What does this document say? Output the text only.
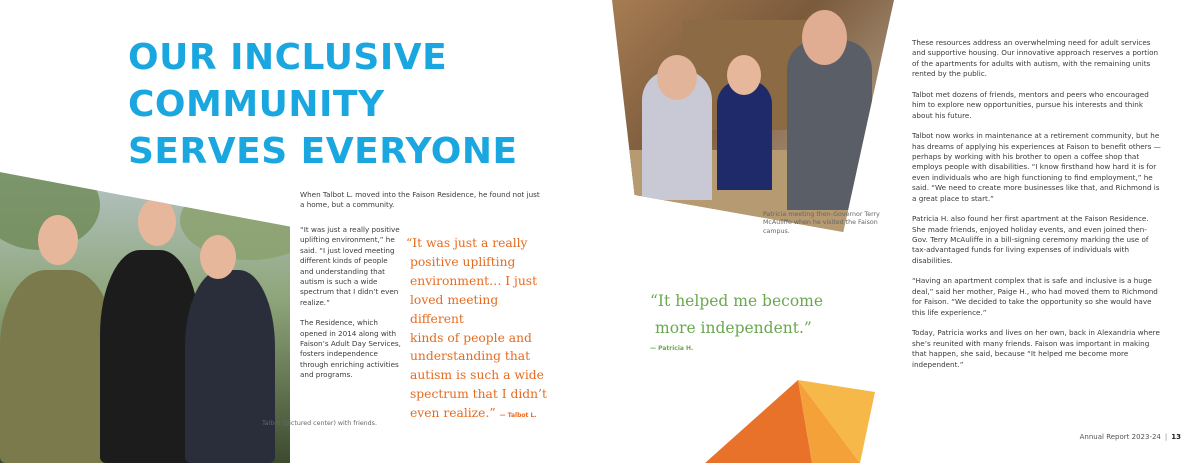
OUR INCLUSIVE
COMMUNITY
SERVES EVERYONE
Talbot (pictured center) with friends.
When Talbot L. moved into the Faison Residence, he found not just a home, but a community.

“It was just a really positive uplifting environment,” he said. “I just loved meeting different kinds of people and understanding that autism is such a wide spectrum that I didn’t even realize.”

The Residence, which opened in 2014 along with Faison’s Adult Day Services, fosters independence through enriching activities and programs.

“It was just a really
positive uplifting
environment… I just
loved meeting different
kinds of people and
understanding that
autism is such a wide
spectrum that I didn’t
even realize.” — Talbot L.
Patricia meeting then-Governor Terry McAuliffe when he visited the Faison campus.
“It helped me become
more independent.”
— Patricia H.

These resources address an overwhelming need for adult services and supportive housing. Our innovative approach reserves a portion of the apartments for adults with autism, with the remaining units rented by the public.

Talbot met dozens of friends, mentors and peers who encouraged him to explore new opportunities, pursue his interests and think about his future.

Talbot now works in maintenance at a retirement community, but he has dreams of applying his experiences at Faison to benefit others — perhaps by working with his brother to open a coffee shop that employs people with disabilities. “I know firsthand how hard it is for even individuals who are high functioning to find employment,” he said. “We need to create more businesses like that, and Richmond is a great place to start.”

Patricia H. also found her first apartment at the Faison Residence. She made friends, enjoyed holiday events, and even joined then-Gov. Terry McAuliffe in a bill-signing ceremony marking the use of tax-advantaged funds for living expenses of individuals with disabilities.

“Having an apartment complex that is safe and inclusive is a huge deal,” said her mother, Paige H., who had moved them to Richmond for Faison. “We decided to take the opportunity so she would have this life experience.”

Today, Patricia works and lives on her own, back in Alexandria where she’s reunited with many friends. Faison was important in making that happen, she said, because “It helped me become more independent.”

Annual Report 2023-24 | 13
